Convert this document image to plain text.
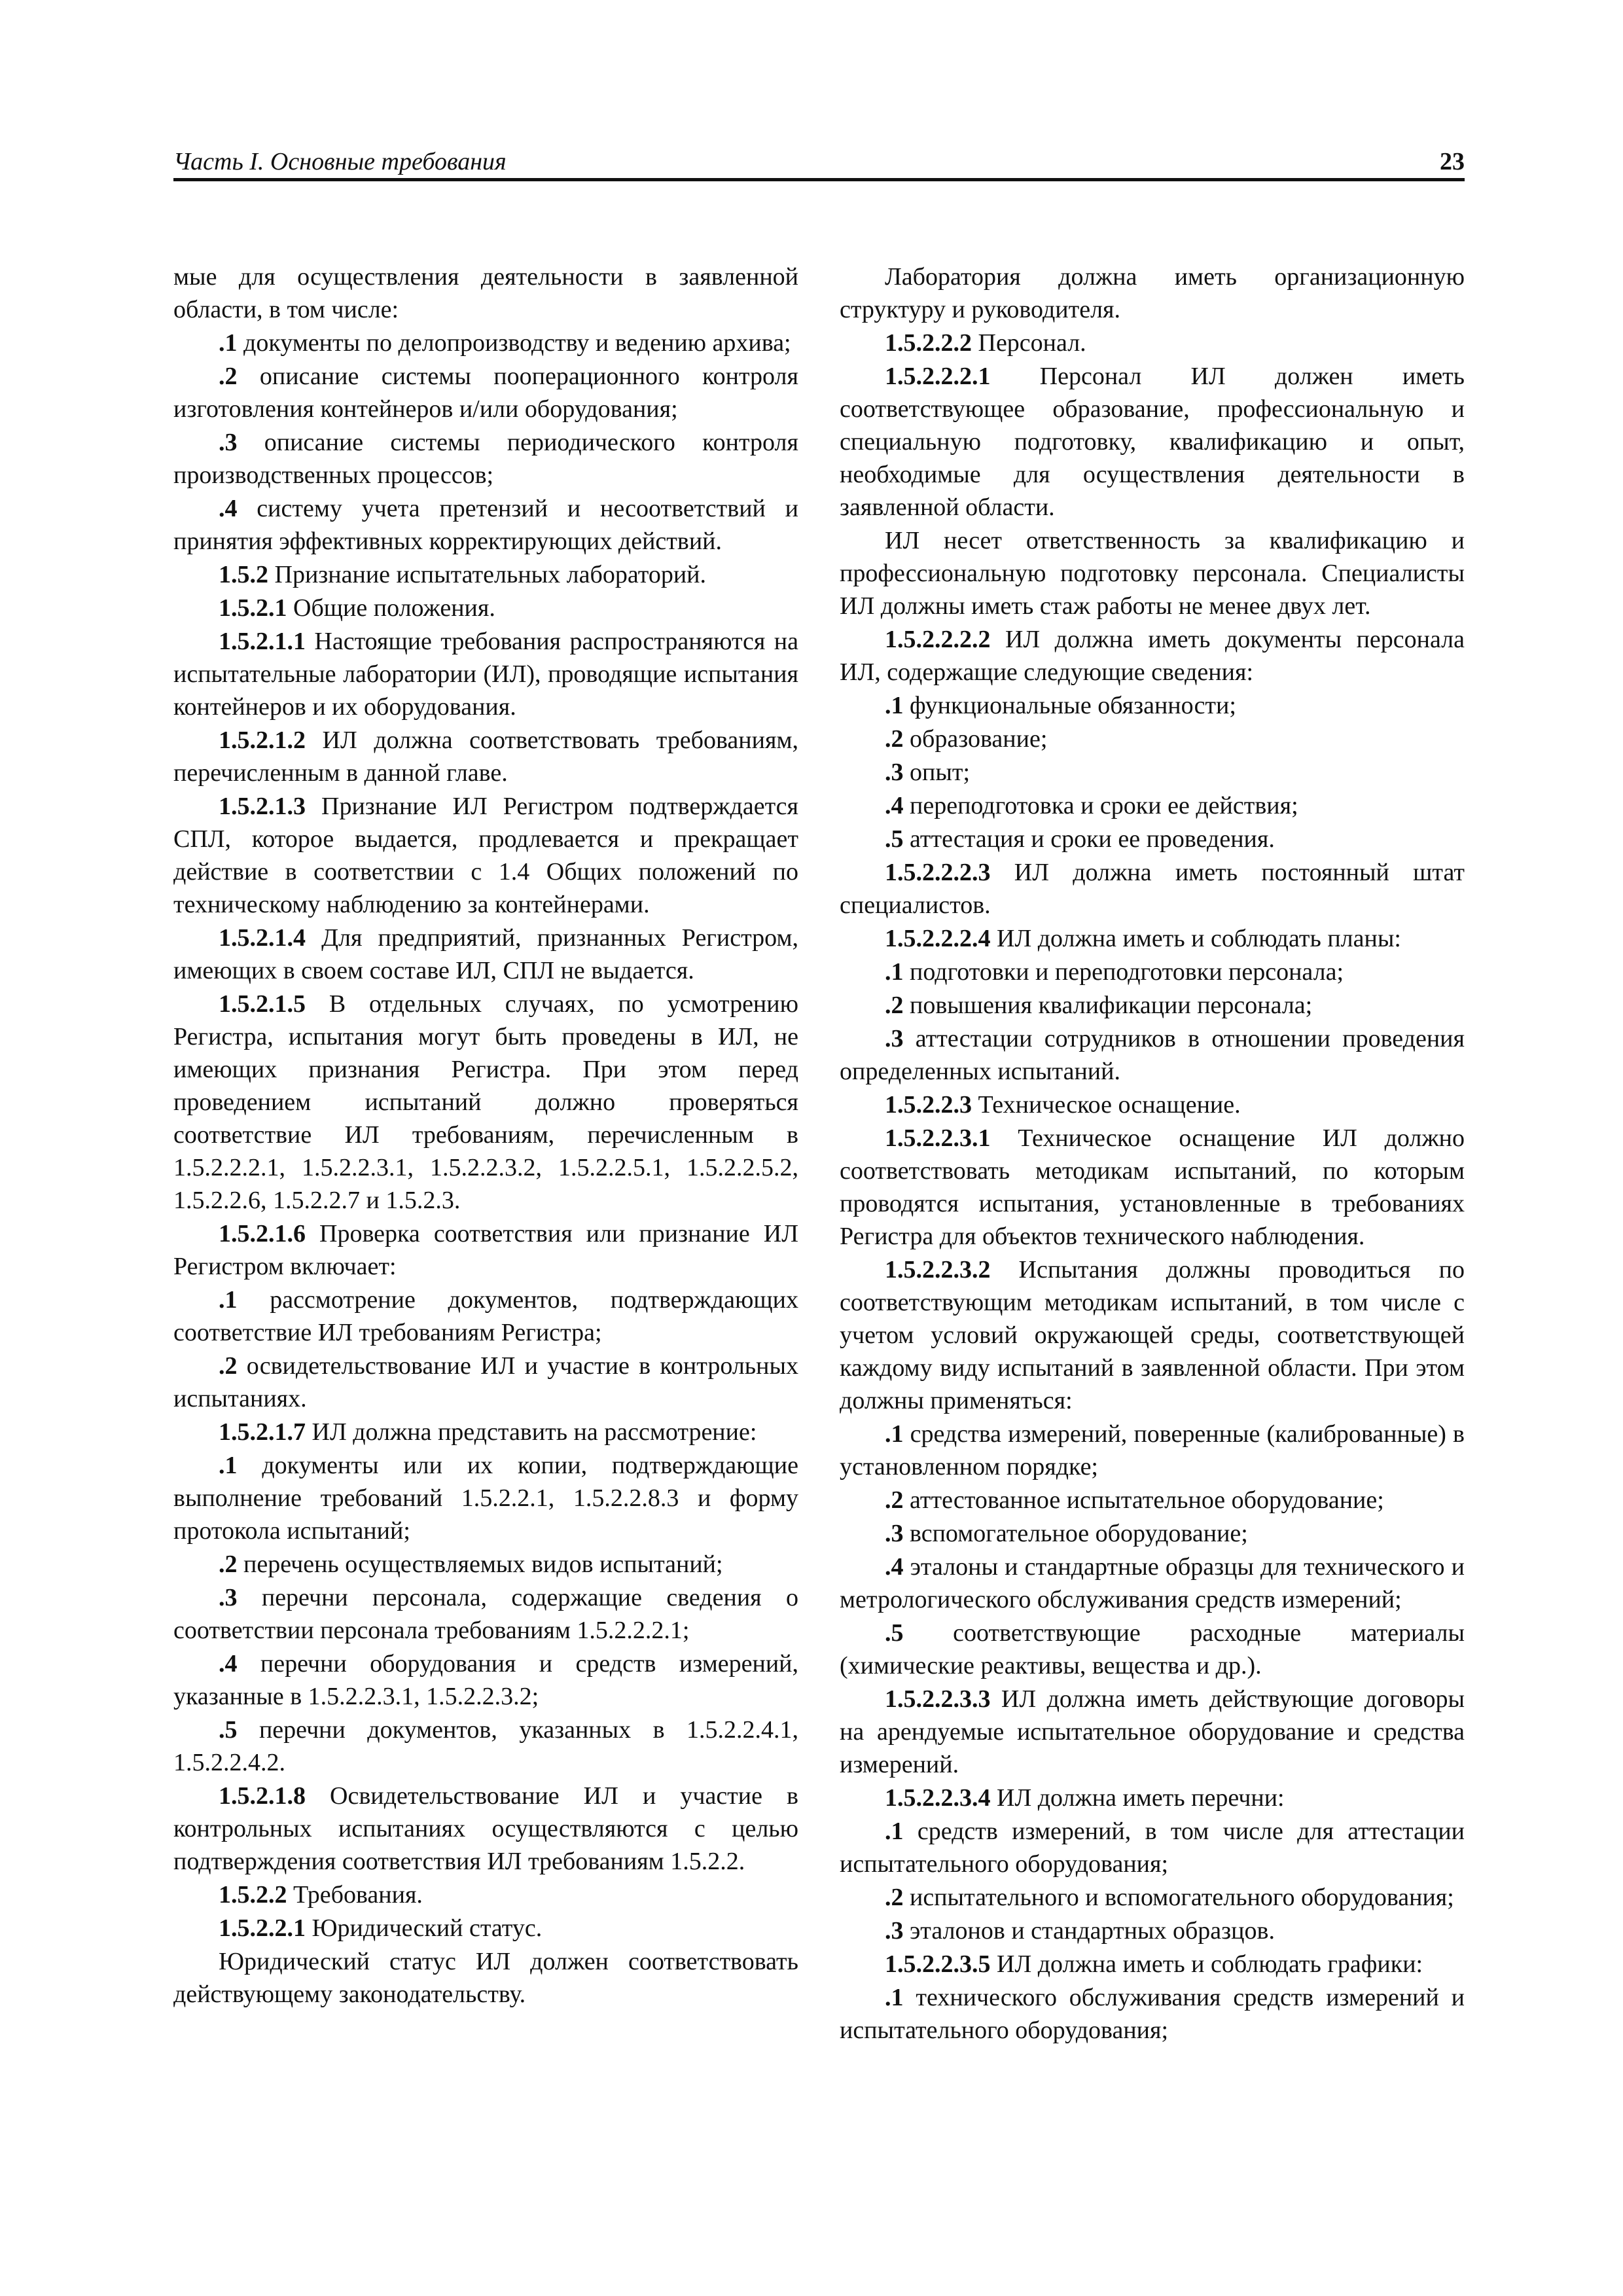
Часть I. Основные требования	23

мые для осуществления деятельности в заявленной области, в том числе:

.1 документы по делопроизводству и ведению архива;

.2 описание системы пооперационного контроля изготовления контейнеров и/или оборудования;

.3 описание системы периодического контроля производственных процессов;

.4 систему учета претензий и несоответствий и принятия эффективных корректирующих действий.

1.5.2 Признание испытательных лабораторий.

1.5.2.1 Общие положения.

1.5.2.1.1 Настоящие требования распространяются на испытательные лаборатории (ИЛ), проводящие испытания контейнеров и их оборудования.

1.5.2.1.2 ИЛ должна соответствовать требованиям, перечисленным в данной главе.

1.5.2.1.3 Признание ИЛ Регистром подтверждается СПЛ, которое выдается, продлевается и прекращает действие в соответствии с 1.4 Общих положений по техническому наблюдению за контейнерами.

1.5.2.1.4 Для предприятий, признанных Регистром, имеющих в своем составе ИЛ, СПЛ не выдается.

1.5.2.1.5 В отдельных случаях, по усмотрению Регистра, испытания могут быть проведены в ИЛ, не имеющих признания Регистра. При этом перед проведением испытаний должно проверяться соответствие ИЛ требованиям, перечисленным в 1.5.2.2.2.1, 1.5.2.2.3.1, 1.5.2.2.3.2, 1.5.2.2.5.1, 1.5.2.2.5.2, 1.5.2.2.6, 1.5.2.2.7 и 1.5.2.3.

1.5.2.1.6 Проверка соответствия или признание ИЛ Регистром включает:

.1 рассмотрение документов, подтверждающих соответствие ИЛ требованиям Регистра;

.2 освидетельствование ИЛ и участие в контрольных испытаниях.

1.5.2.1.7 ИЛ должна представить на рассмотрение:

.1 документы или их копии, подтверждающие выполнение требований 1.5.2.2.1, 1.5.2.2.8.3 и форму протокола испытаний;

.2 перечень осуществляемых видов испытаний;

.3 перечни персонала, содержащие сведения о соответствии персонала требованиям 1.5.2.2.2.1;

.4 перечни оборудования и средств измерений, указанные в 1.5.2.2.3.1, 1.5.2.2.3.2;

.5 перечни документов, указанных в 1.5.2.2.4.1, 1.5.2.2.4.2.

1.5.2.1.8 Освидетельствование ИЛ и участие в контрольных испытаниях осуществляются с целью подтверждения соответствия ИЛ требованиям 1.5.2.2.

1.5.2.2 Требования.

1.5.2.2.1 Юридический статус.

Юридический статус ИЛ должен соответствовать действующему законодательству.

Лаборатория должна иметь организационную структуру и руководителя.

1.5.2.2.2 Персонал.

1.5.2.2.2.1 Персонал ИЛ должен иметь соответствующее образование, профессиональную и специальную подготовку, квалификацию и опыт, необходимые для осуществления деятельности в заявленной области.

ИЛ несет ответственность за квалификацию и профессиональную подготовку персонала. Специалисты ИЛ должны иметь стаж работы не менее двух лет.

1.5.2.2.2.2 ИЛ должна иметь документы персонала ИЛ, содержащие следующие сведения:

.1 функциональные обязанности;

.2 образование;

.3 опыт;

.4 переподготовка и сроки ее действия;

.5 аттестация и сроки ее проведения.

1.5.2.2.2.3 ИЛ должна иметь постоянный штат специалистов.

1.5.2.2.2.4 ИЛ должна иметь и соблюдать планы:

.1 подготовки и переподготовки персонала;

.2 повышения квалификации персонала;

.3 аттестации сотрудников в отношении проведения определенных испытаний.

1.5.2.2.3 Техническое оснащение.

1.5.2.2.3.1 Техническое оснащение ИЛ должно соответствовать методикам испытаний, по которым проводятся испытания, установленные в требованиях Регистра для объектов технического наблюдения.

1.5.2.2.3.2 Испытания должны проводиться по соответствующим методикам испытаний, в том числе с учетом условий окружающей среды, соответствующей каждому виду испытаний в заявленной области. При этом должны применяться:

.1 средства измерений, поверенные (калиброванные) в установленном порядке;

.2 аттестованное испытательное оборудование;

.3 вспомогательное оборудование;

.4 эталоны и стандартные образцы для технического и метрологического обслуживания средств измерений;

.5 соответствующие расходные материалы (химические реактивы, вещества и др.).

1.5.2.2.3.3 ИЛ должна иметь действующие договоры на арендуемые испытательное оборудование и средства измерений.

1.5.2.2.3.4 ИЛ должна иметь перечни:

.1 средств измерений, в том числе для аттестации испытательного оборудования;

.2 испытательного и вспомогательного оборудования;

.3 эталонов и стандартных образцов.

1.5.2.2.3.5 ИЛ должна иметь и соблюдать графики:

.1 технического обслуживания средств измерений и испытательного оборудования;
